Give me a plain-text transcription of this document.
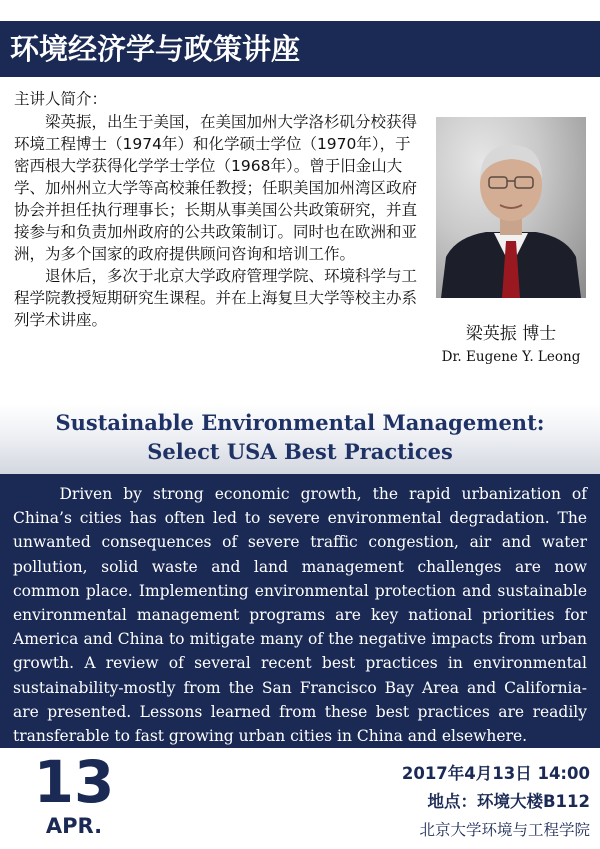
环境经济学与政策讲座

主讲人简介：

梁英振，出生于美国，在美国加州大学洛杉矶分校获得环境工程博士（1974年）和化学硕士学位（1970年），于密西根大学获得化学学士学位（1968年）。曾于旧金山大学、加州州立大学等高校兼任教授；任职美国加州湾区政府协会并担任执行理事长；长期从事美国公共政策研究，并直接参与和负责加州政府的公共政策制订。同时也在欧洲和亚洲，为多个国家的政府提供顾问咨询和培训工作。

退休后，多次于北京大学政府管理学院、环境科学与工程学院教授短期研究生课程。并在上海复旦大学等校主办系列学术讲座。

梁英振 博士
Dr. Eugene Y. Leong
Sustainable Environmental Management:
Select USA Best Practices
Driven by strong economic growth, the rapid urbanization of China’s cities has often led to severe environmental degradation. The unwanted consequences of severe traffic congestion, air and water pollution, solid waste and land management challenges are now common place. Implementing environmental protection and sustainable environmental management programs are key national priorities for America and China to mitigate many of the negative impacts from urban growth. A review of several recent best practices in environmental sustainability-mostly from the San Francisco Bay Area and California-are presented. Lessons learned from these best practices are readily transferable to fast growing urban cities in China and elsewhere.
13
APR.
2017年4月13日 14:00
地点：环境大楼B112
北京大学环境与工程学院
